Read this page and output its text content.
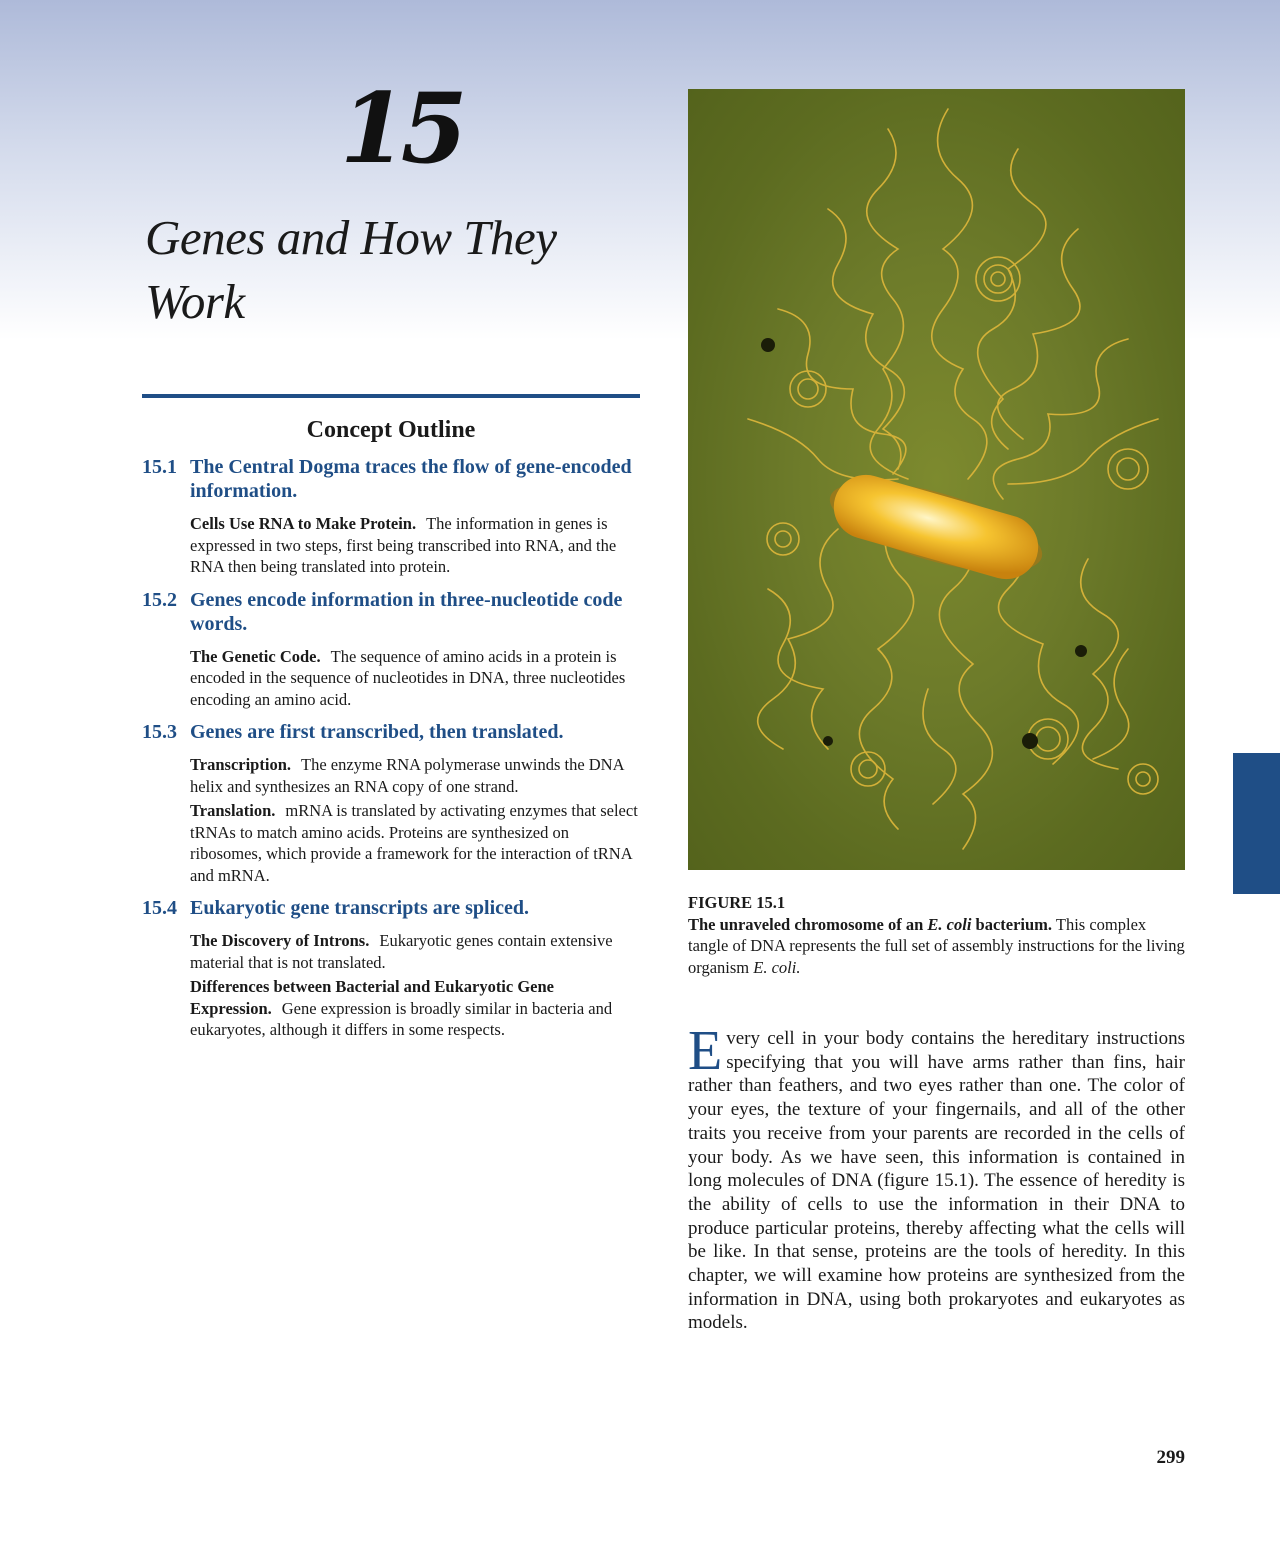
15
Genes and How They Work
Concept Outline
15.1 The Central Dogma traces the flow of gene-encoded information.
Cells Use RNA to Make Protein. The information in genes is expressed in two steps, first being transcribed into RNA, and the RNA then being translated into protein.
15.2 Genes encode information in three-nucleotide code words.
The Genetic Code. The sequence of amino acids in a protein is encoded in the sequence of nucleotides in DNA, three nucleotides encoding an amino acid.
15.3 Genes are first transcribed, then translated.
Transcription. The enzyme RNA polymerase unwinds the DNA helix and synthesizes an RNA copy of one strand.
Translation. mRNA is translated by activating enzymes that select tRNAs to match amino acids. Proteins are synthesized on ribosomes, which provide a framework for the interaction of tRNA and mRNA.
15.4 Eukaryotic gene transcripts are spliced.
The Discovery of Introns. Eukaryotic genes contain extensive material that is not translated.
Differences between Bacterial and Eukaryotic Gene Expression. Gene expression is broadly similar in bacteria and eukaryotes, although it differs in some respects.
FIGURE 15.1
The unraveled chromosome of an E. coli bacterium. This complex tangle of DNA represents the full set of assembly instructions for the living organism E. coli.
Every cell in your body contains the hereditary instructions specifying that you will have arms rather than fins, hair rather than feathers, and two eyes rather than one. The color of your eyes, the texture of your fingernails, and all of the other traits you receive from your parents are recorded in the cells of your body. As we have seen, this information is contained in long molecules of DNA (figure 15.1). The essence of heredity is the ability of cells to use the information in their DNA to produce particular proteins, thereby affecting what the cells will be like. In that sense, proteins are the tools of heredity. In this chapter, we will examine how proteins are synthesized from the information in DNA, using both prokaryotes and eukaryotes as models.
299
